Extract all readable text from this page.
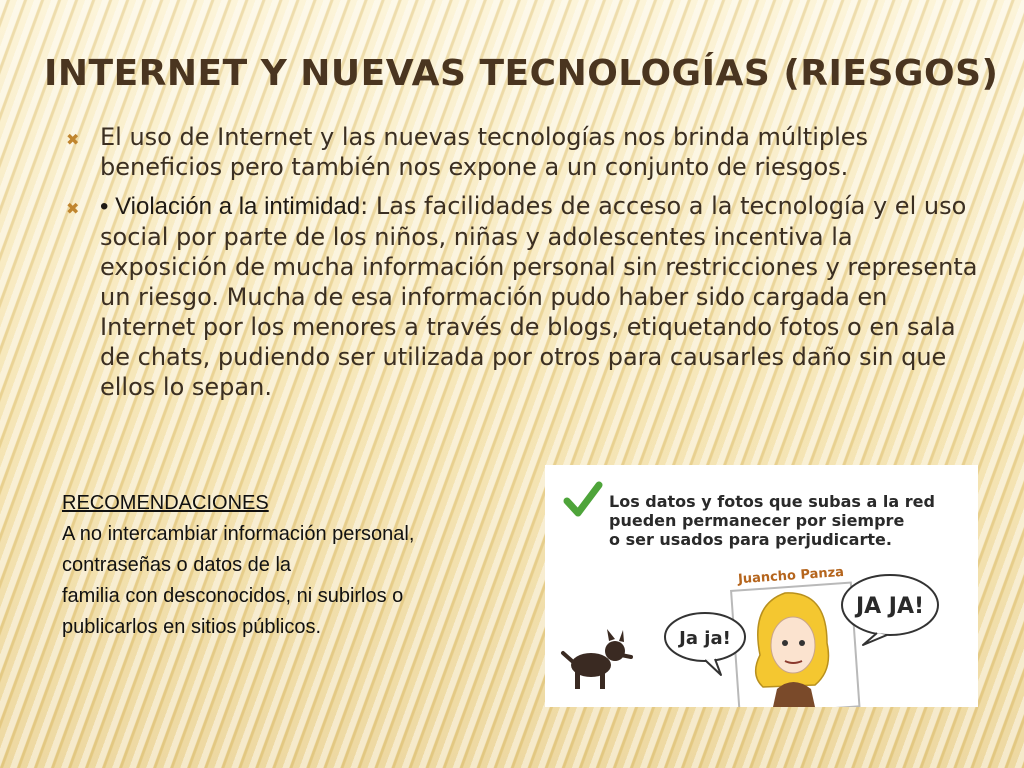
INTERNET Y NUEVAS TECNOLOGÍAS (RIESGOS)
✖ El uso de Internet y las nuevas tecnologías nos brinda múltiples beneficios pero también nos expone a un conjunto de riesgos.
✖ • Violación a la intimidad: Las facilidades de acceso a la tecnología y el uso social por parte de los niños, niñas y adolescentes incentiva la exposición de mucha información personal sin restricciones y representa un riesgo. Mucha de esa información pudo haber sido cargada en Internet por los menores a través de blogs, etiquetando fotos o en sala de chats, pudiendo ser utilizada por otros para causarles daño sin que ellos lo sepan.
RECOMENDACIONES
A no intercambiar información personal,
contraseñas o datos de la
familia con desconocidos, ni subirlos o
publicarlos en sitios públicos.
Los datos y fotos que subas a la red
pueden permanecer por siempre
o ser usados para perjudicarte.
Juancho Panza
Ja ja!
JA JA!
